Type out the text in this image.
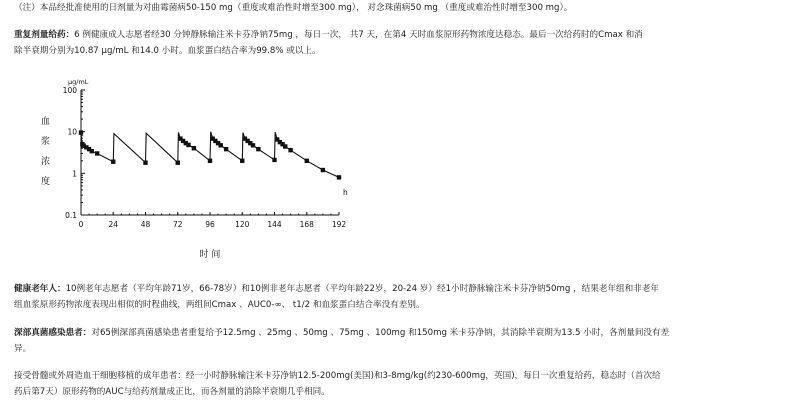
（注）本品经批准使用的日剂量为对曲霉菌病50-150 mg（重度或难治性时增至300 mg）， 对念珠菌病50 mg （重度或难治性时增至300 mg）。
重复剂量给药：6 例健康成人志愿者经30 分钟静脉输注米卡芬净钠75mg ，每日一次， 共7 天，在第4 天时血浆原形药物浓度达稳态。最后一次给药时的Cmax 和消
除半衰期分别为10.87 μg/mL 和14.0 小时。血浆蛋白结合率为99.8% 或以上。
0.1
1
10
100
0	24	48	72	96	120 144 168 192
μg/mL
血
浆
浓
度
h
时 间
健康老年人：10例老年志愿者（平均年龄71岁，66-78岁）和10例非老年志愿者（平均年龄22岁，20-24 岁）经1小时静脉输注米卡芬净钠50mg ，结果老年组和非老年
组血浆原形药物浓度表现出相似的时程曲线，两组间Cmax 、AUC0-∞、 t1/2 和血浆蛋白结合率没有差别。
深部真菌感染患者：对65例深部真菌感染患者重复给予12.5mg 、25mg 、50mg 、75mg 、100mg 和150mg 米卡芬净钠，其消除半衰期为13.5 小时，各剂量间没有差
异。
接受骨髓或外周造血干细胞移植的成年患者：经一小时静脉输注米卡芬净钠12.5-200mg(美国)和3-8mg/kg(约230-600mg，英国)，每日一次重复给药，稳态时（首次给
药后第7天）原形药物的AUC与给药剂量成正比，而各剂量的消除半衰期几乎相同。
